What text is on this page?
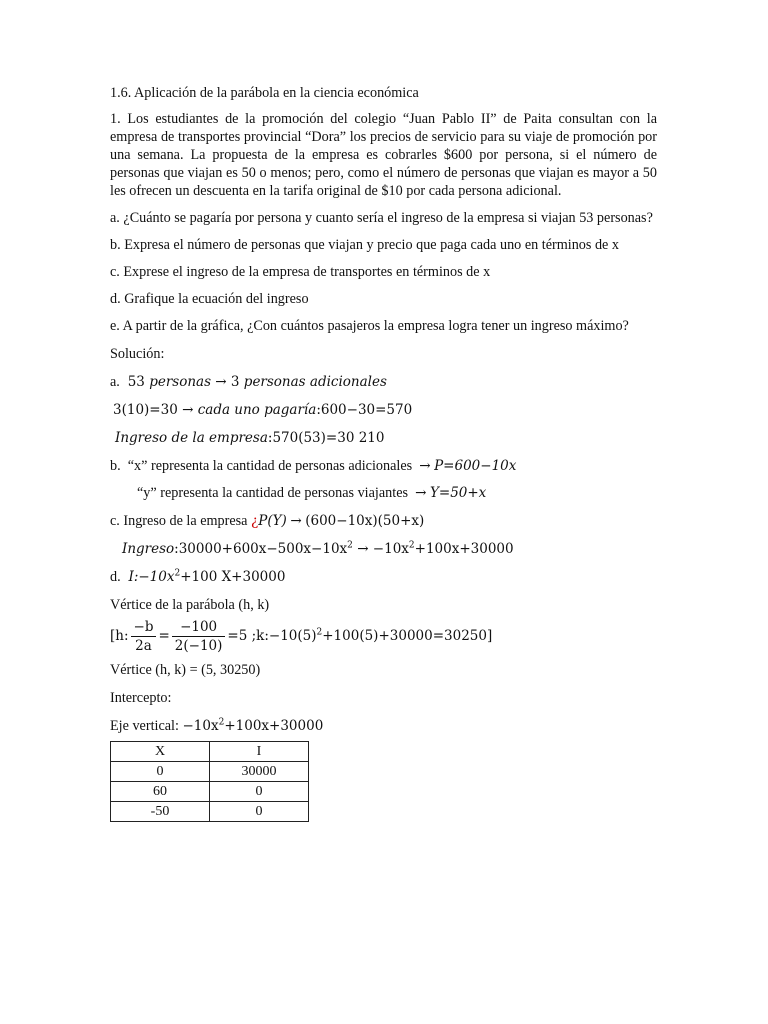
1.6. Aplicación de la parábola en la ciencia económica

1. Los estudiantes de la promoción del colegio “Juan Pablo II” de Paita consultan con la empresa de transportes provincial “Dora” los precios de servicio para su viaje de promoción por una semana. La propuesta de la empresa es cobrarles $600 por persona, si el número de personas que viajan es 50 o menos; pero, como el número de personas que viajan es mayor a 50 les ofrecen un descuenta en la tarifa original de $10 por cada persona adicional.

a. ¿Cuánto se pagaría por persona y cuanto sería el ingreso de la empresa si viajan 53 personas?

b. Expresa el número de personas que viajan y precio que paga cada uno en términos de x

c. Exprese el ingreso de la empresa de transportes en términos de x

d. Grafique la ecuación del ingreso

e. A partir de la gráfica, ¿Con cuántos pasajeros la empresa logra tener un ingreso máximo?

Solución:

a. 53 personas → 3 personas adicionales

3(10)=30 → cada uno pagaría:600−30=570

Ingreso de la empresa:570(53)=30 210

b. “x” representa la cantidad de personas adicionales → P=600−10x

“y” representa la cantidad de personas viajantes → Y=50+x

c. Ingreso de la empresa ¿P(Y) → (600−10x)(50+x)

$Ingreso:30000+600x-500x-10x^2 \to -10x^2+100x+30000$

d. $I:-10x^2+100$ X+30000

Vértice de la parábola (h, k)

[h: $\frac{-b}{2a} = \frac{-100}{2(-10)} =5$ $;k:-10(5)^2+100(5)+30000=30250$]

Vértice (h, k) = (5, 30250)

Intercepto:

Eje vertical: $-10x^2+100x+30000$

X	I
0	30000
60	0
-50	0
